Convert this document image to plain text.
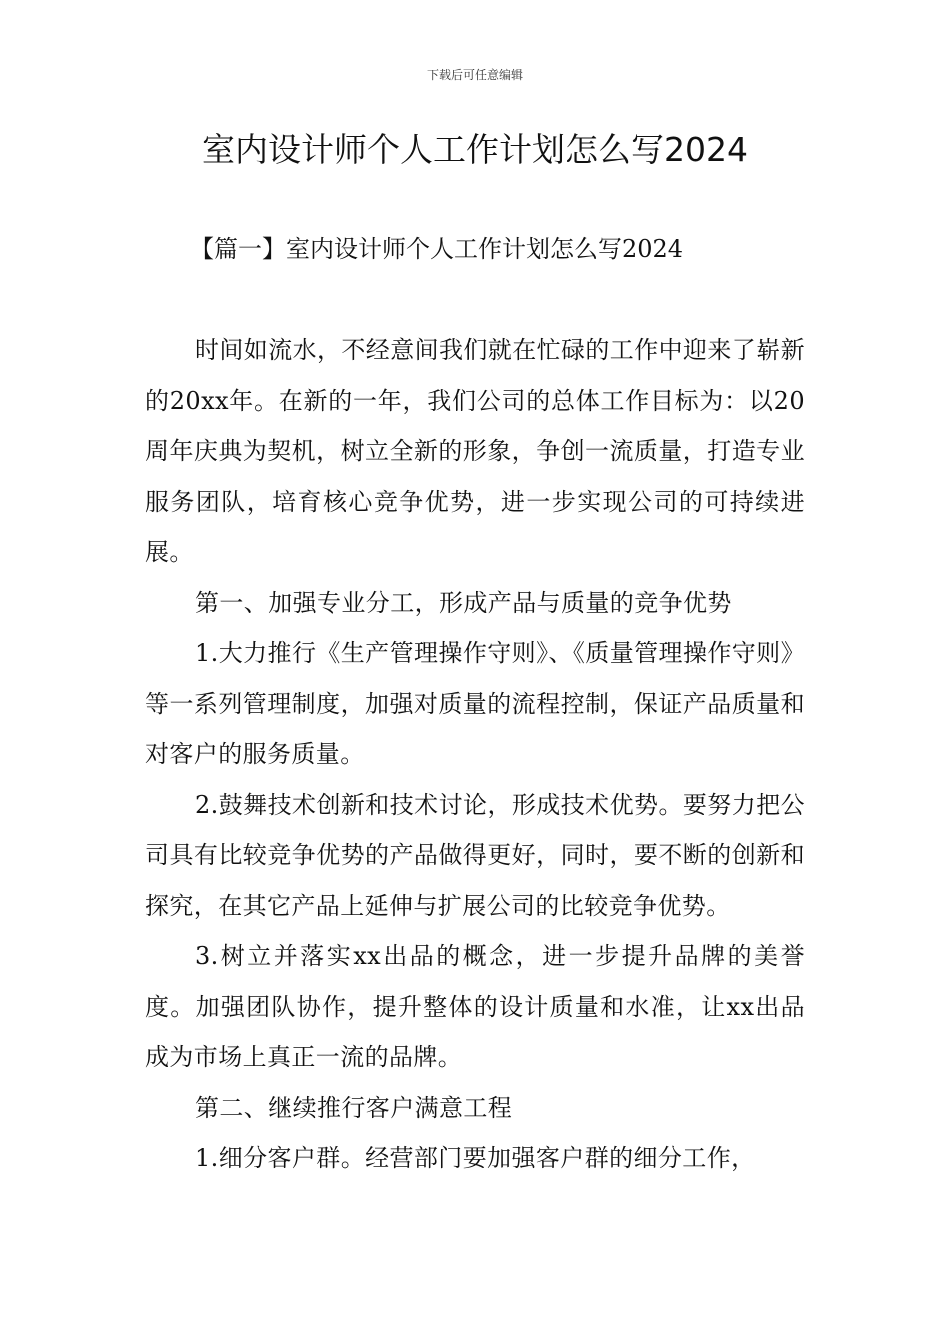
下载后可任意编辑
室内设计师个人工作计划怎么写2024
【篇一】室内设计师个人工作计划怎么写2024

时间如流水，不经意间我们就在忙碌的工作中迎来了崭新的20xx年。在新的一年，我们公司的总体工作目标为：以20周年庆典为契机，树立全新的形象，争创一流质量，打造专业服务团队，培育核心竞争优势，进一步实现公司的可持续进展。

第一、加强专业分工，形成产品与质量的竞争优势

1.大力推行《生产管理操作守则》、《质量管理操作守则》等一系列管理制度，加强对质量的流程控制，保证产品质量和对客户的服务质量。

2.鼓舞技术创新和技术讨论，形成技术优势。要努力把公司具有比较竞争优势的产品做得更好，同时，要不断的创新和探究，在其它产品上延伸与扩展公司的比较竞争优势。

3.树立并落实xx出品的概念，进一步提升品牌的美誉度。加强团队协作，提升整体的设计质量和水准，让xx出品成为市场上真正一流的品牌。

第二、继续推行客户满意工程

1.细分客户群。经营部门要加强客户群的细分工作，
